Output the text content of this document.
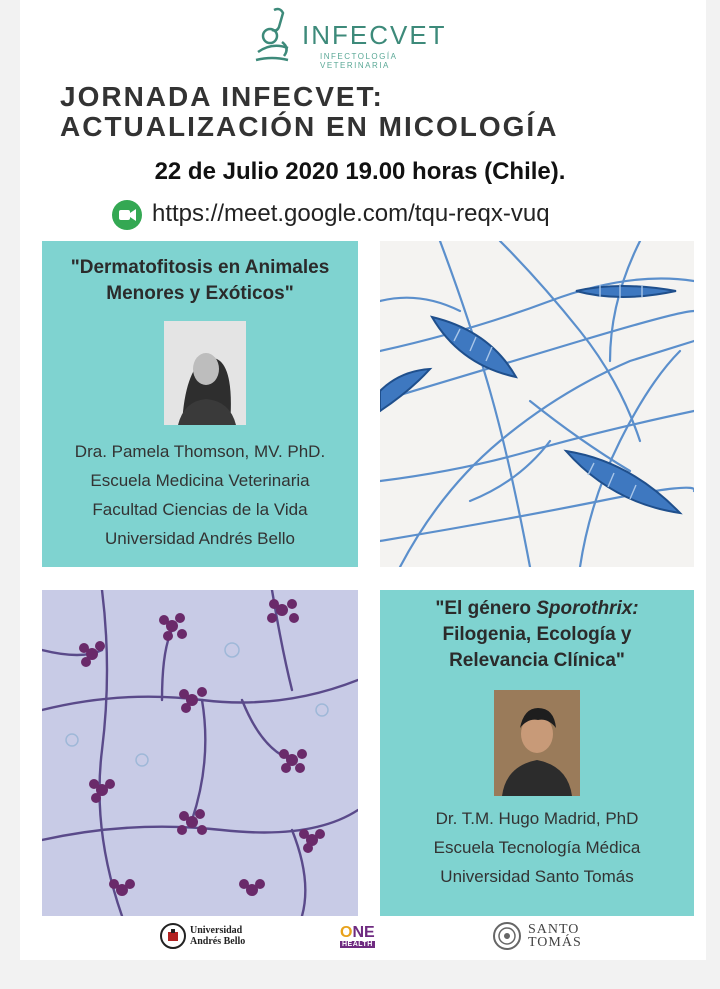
INFECVET
INFECTOLOGÍA VETERINARIA
JORNADA INFECVET:
ACTUALIZACIÓN EN MICOLOGÍA
22 de Julio 2020 19.00 horas (Chile).
https://meet.google.com/tqu-reqx-vuq
"Dermatofitosis en Animales
Menores y Exóticos"
Dra. Pamela Thomson, MV. PhD.
Escuela Medicina Veterinaria
Facultad Ciencias de la Vida
Universidad Andrés Bello
"El género Sporothrix:
Filogenia, Ecología y
Relevancia Clínica"
Dr. T.M. Hugo Madrid, PhD
Escuela Tecnología Médica
Universidad Santo Tomás
Universidad
Andrés Bello
ONE
HEALTH
SANTO
TOMÁS
